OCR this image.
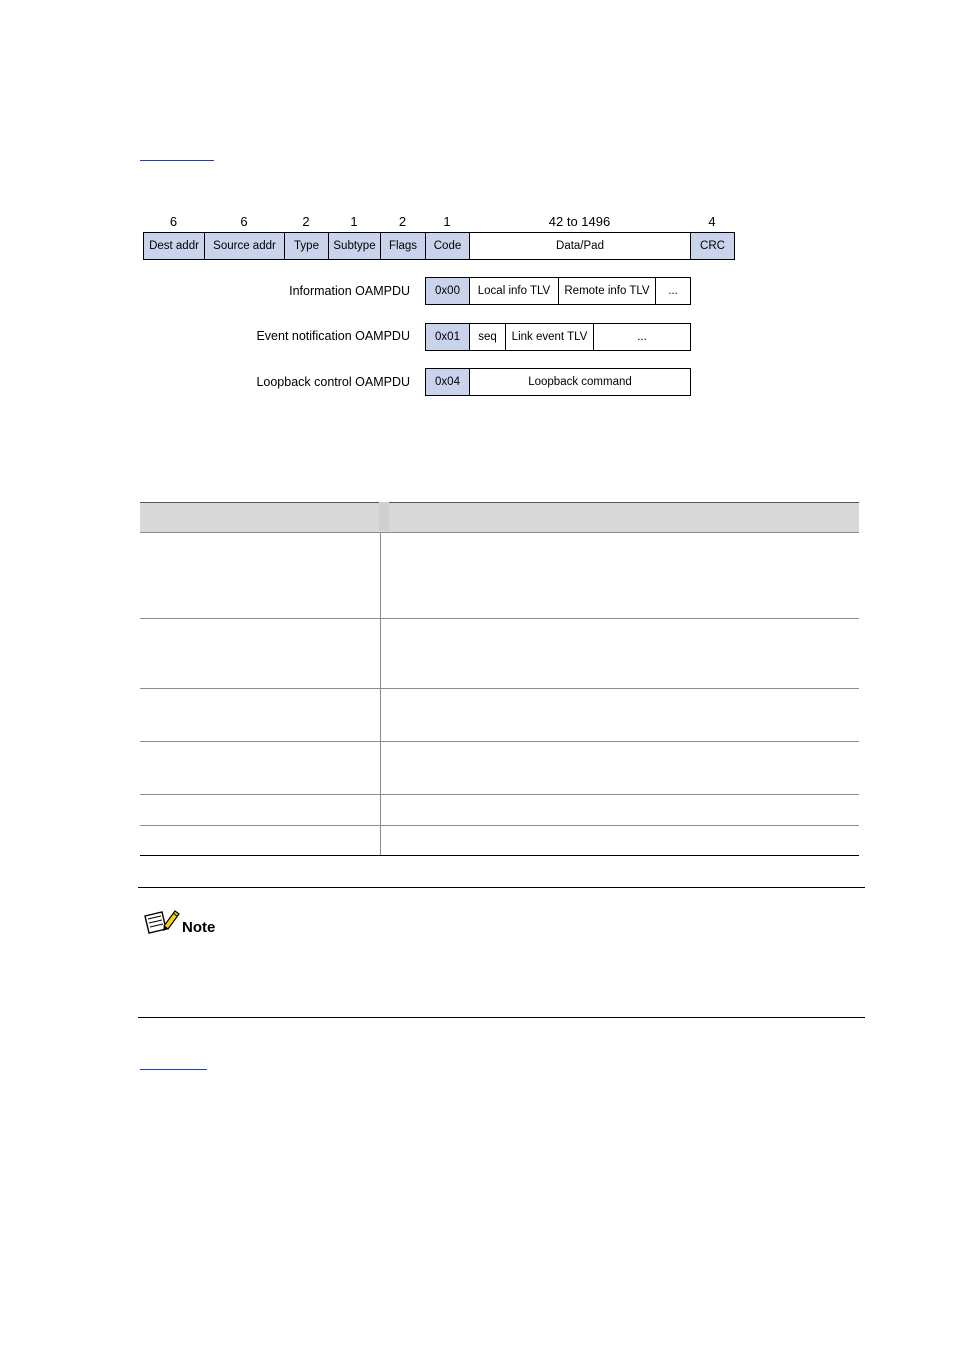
6	6	2	1	2	1	42 to 1496	4
Dest addr	Source addr	Type	Subtype	Flags	Code	Data/Pad	CRC
Information OAMPDU	0x00	Local info TLV	Remote info TLV	...
Event notification OAMPDU	0x01	seq	Link event TLV	...
Loopback control OAMPDU	0x04	Loopback command
Note
